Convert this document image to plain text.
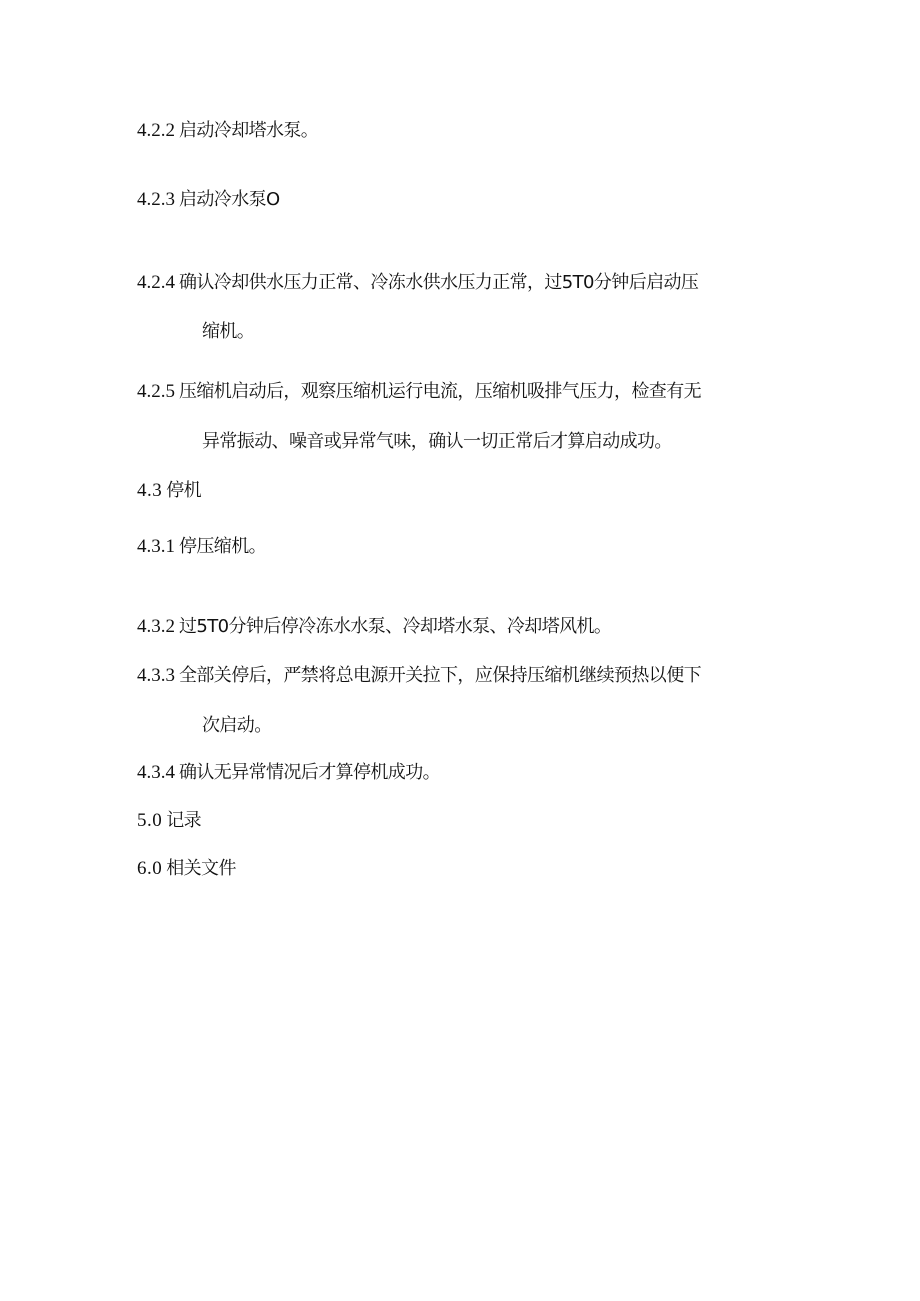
4.2.2 启动冷却塔水泵。
4.2.3 启动冷水泵O
4.2.4 确认冷却供水压力正常、冷冻水供水压力正常，过5T0分钟后启动压
缩机。
4.2.5 压缩机启动后，观察压缩机运行电流，压缩机吸排气压力，检查有无
异常振动、噪音或异常气味，确认一切正常后才算启动成功。
4.3 停机
4.3.1 停压缩机。
4.3.2 过5T0分钟后停冷冻水水泵、冷却塔水泵、冷却塔风机。
4.3.3 全部关停后，严禁将总电源开关拉下，应保持压缩机继续预热以便下
次启动。
4.3.4 确认无异常情况后才算停机成功。
5.0 记录
6.0 相关文件
